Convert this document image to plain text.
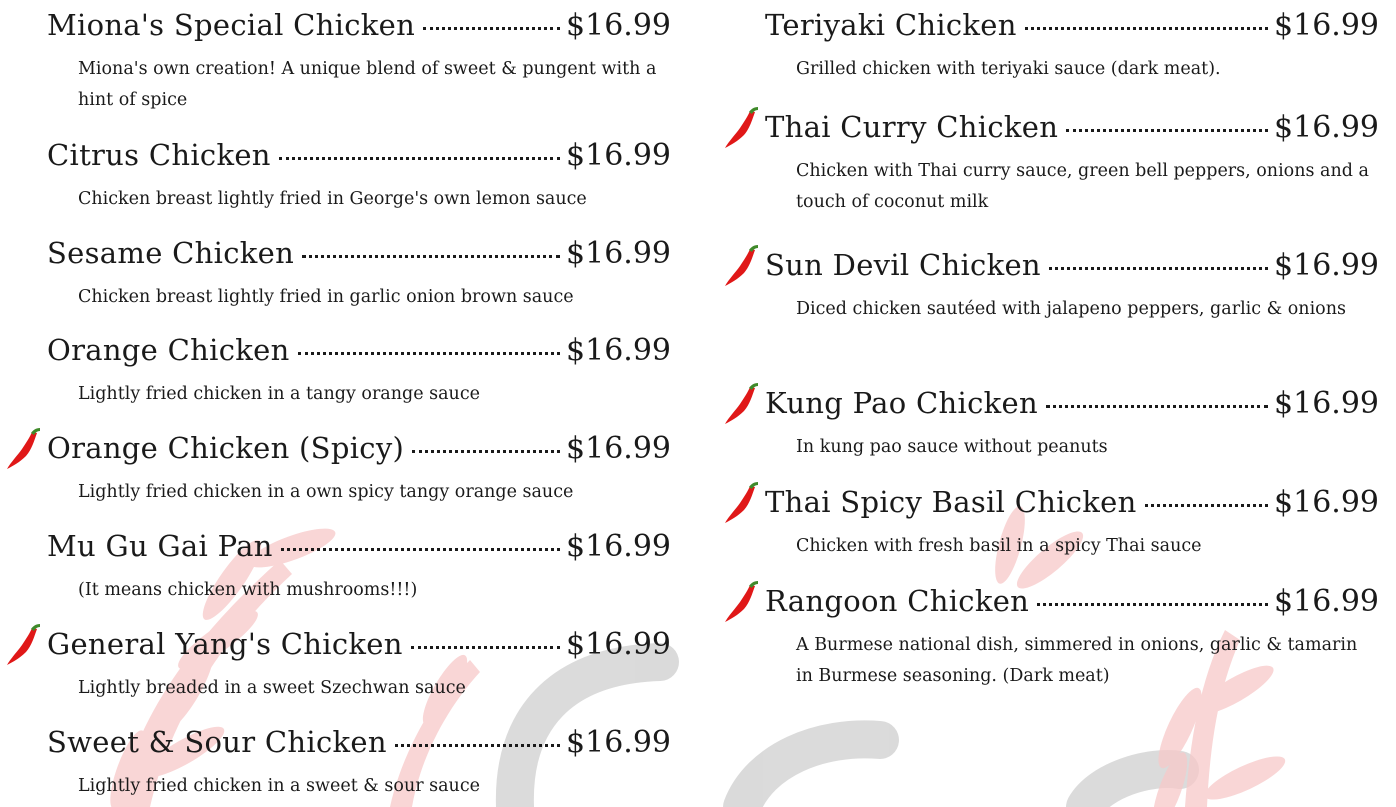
Miona's Special Chicken	$16.99
Miona's own creation! A unique blend of sweet & pungent with a hint of spice
Citrus Chicken	$16.99
Chicken breast lightly fried in George's own lemon sauce
Sesame Chicken	$16.99
Chicken breast lightly fried in garlic onion brown sauce
Orange Chicken	$16.99
Lightly fried chicken in a tangy orange sauce
Orange Chicken (Spicy)	$16.99
Lightly fried chicken in a own spicy tangy orange sauce
Mu Gu Gai Pan	$16.99
(It means chicken with mushrooms!!!)
General Yang's Chicken	$16.99
Lightly breaded in a sweet Szechwan sauce
Sweet & Sour Chicken	$16.99
Lightly fried chicken in a sweet & sour sauce
Teriyaki Chicken	$16.99
Grilled chicken with teriyaki sauce (dark meat).
Thai Curry Chicken	$16.99
Chicken with Thai curry sauce, green bell peppers, onions and a touch of coconut milk
Sun Devil Chicken	$16.99
Diced chicken sautéed with jalapeno peppers, garlic & onions
Kung Pao Chicken	$16.99
In kung pao sauce without peanuts
Thai Spicy Basil Chicken	$16.99
Chicken with fresh basil in a spicy Thai sauce
Rangoon Chicken	$16.99
A Burmese national dish, simmered in onions, garlic & tamarin in Burmese seasoning. (Dark meat)
